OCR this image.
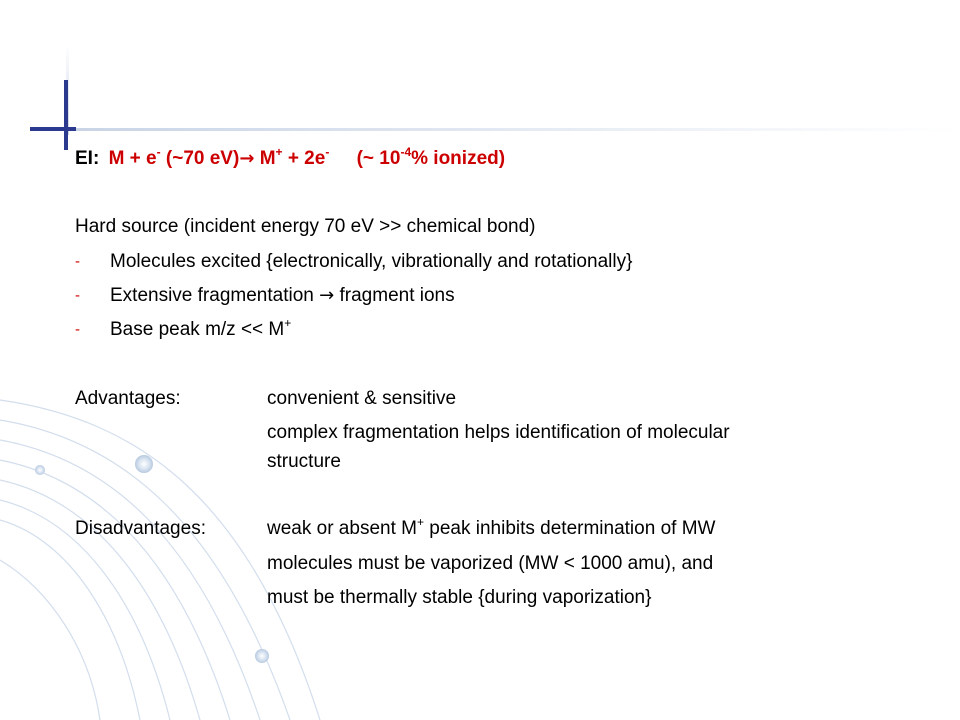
EI: M + e- (~70 eV)→ M+ + 2e- (~ $10^{-4}\%$ ionized)
Hard source (incident energy 70 eV >> chemical bond)
- Molecules excited {electronically, vibrationally and rotationally}
- Extensive fragmentation → fragment ions
- Base peak m/z << M+
Advantages:	convenient & sensitive
complex fragmentation helps identification of molecular
structure
Disadvantages:	weak or absent M+ peak inhibits determination of MW
molecules must be vaporized (MW < 1000 amu), and
must be thermally stable {during vaporization}
